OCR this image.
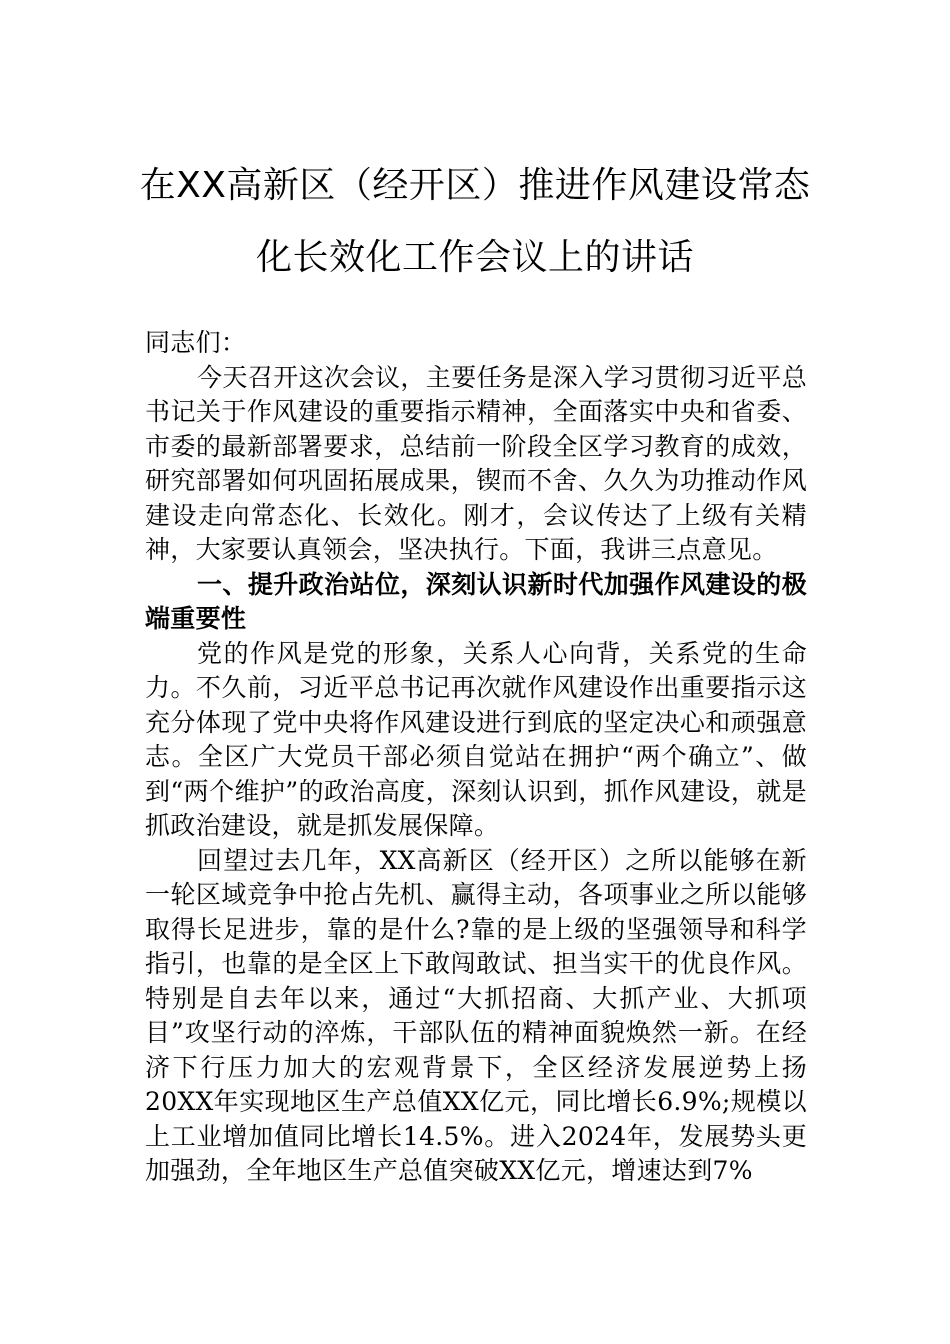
在XX高新区（经开区）推进作风建设常态
化长效化工作会议上的讲话

同志们：

今天召开这次会议，主要任务是深入学习贯彻习近平总书记关于作风建设的重要指示精神，全面落实中央和省委、市委的最新部署要求，总结前一阶段全区学习教育的成效，研究部署如何巩固拓展成果，锲而不舍、久久为功推动作风建设走向常态化、长效化。刚才，会议传达了上级有关精神，大家要认真领会，坚决执行。下面，我讲三点意见。

一、提升政治站位，深刻认识新时代加强作风建设的极端重要性

党的作风是党的形象，关系人心向背，关系党的生命力。不久前，习近平总书记再次就作风建设作出重要指示这充分体现了党中央将作风建设进行到底的坚定决心和顽强意志。全区广大党员干部必须自觉站在拥护“两个确立”、做到“两个维护”的政治高度，深刻认识到，抓作风建设，就是抓政治建设，就是抓发展保障。

回望过去几年，XX高新区（经开区）之所以能够在新一轮区域竞争中抢占先机、赢得主动，各项事业之所以能够取得长足进步，靠的是什么?靠的是上级的坚强领导和科学指引，也靠的是全区上下敢闯敢试、担当实干的优良作风。特别是自去年以来，通过“大抓招商、大抓产业、大抓项目”攻坚行动的淬炼，干部队伍的精神面貌焕然一新。在经济下行压力加大的宏观背景下，全区经济发展逆势上扬20XX年实现地区生产总值XX亿元，同比增长6.9%;规模以上工业增加值同比增长14.5%。进入2024年，发展势头更加强劲，全年地区生产总值突破XX亿元，增速达到7%
